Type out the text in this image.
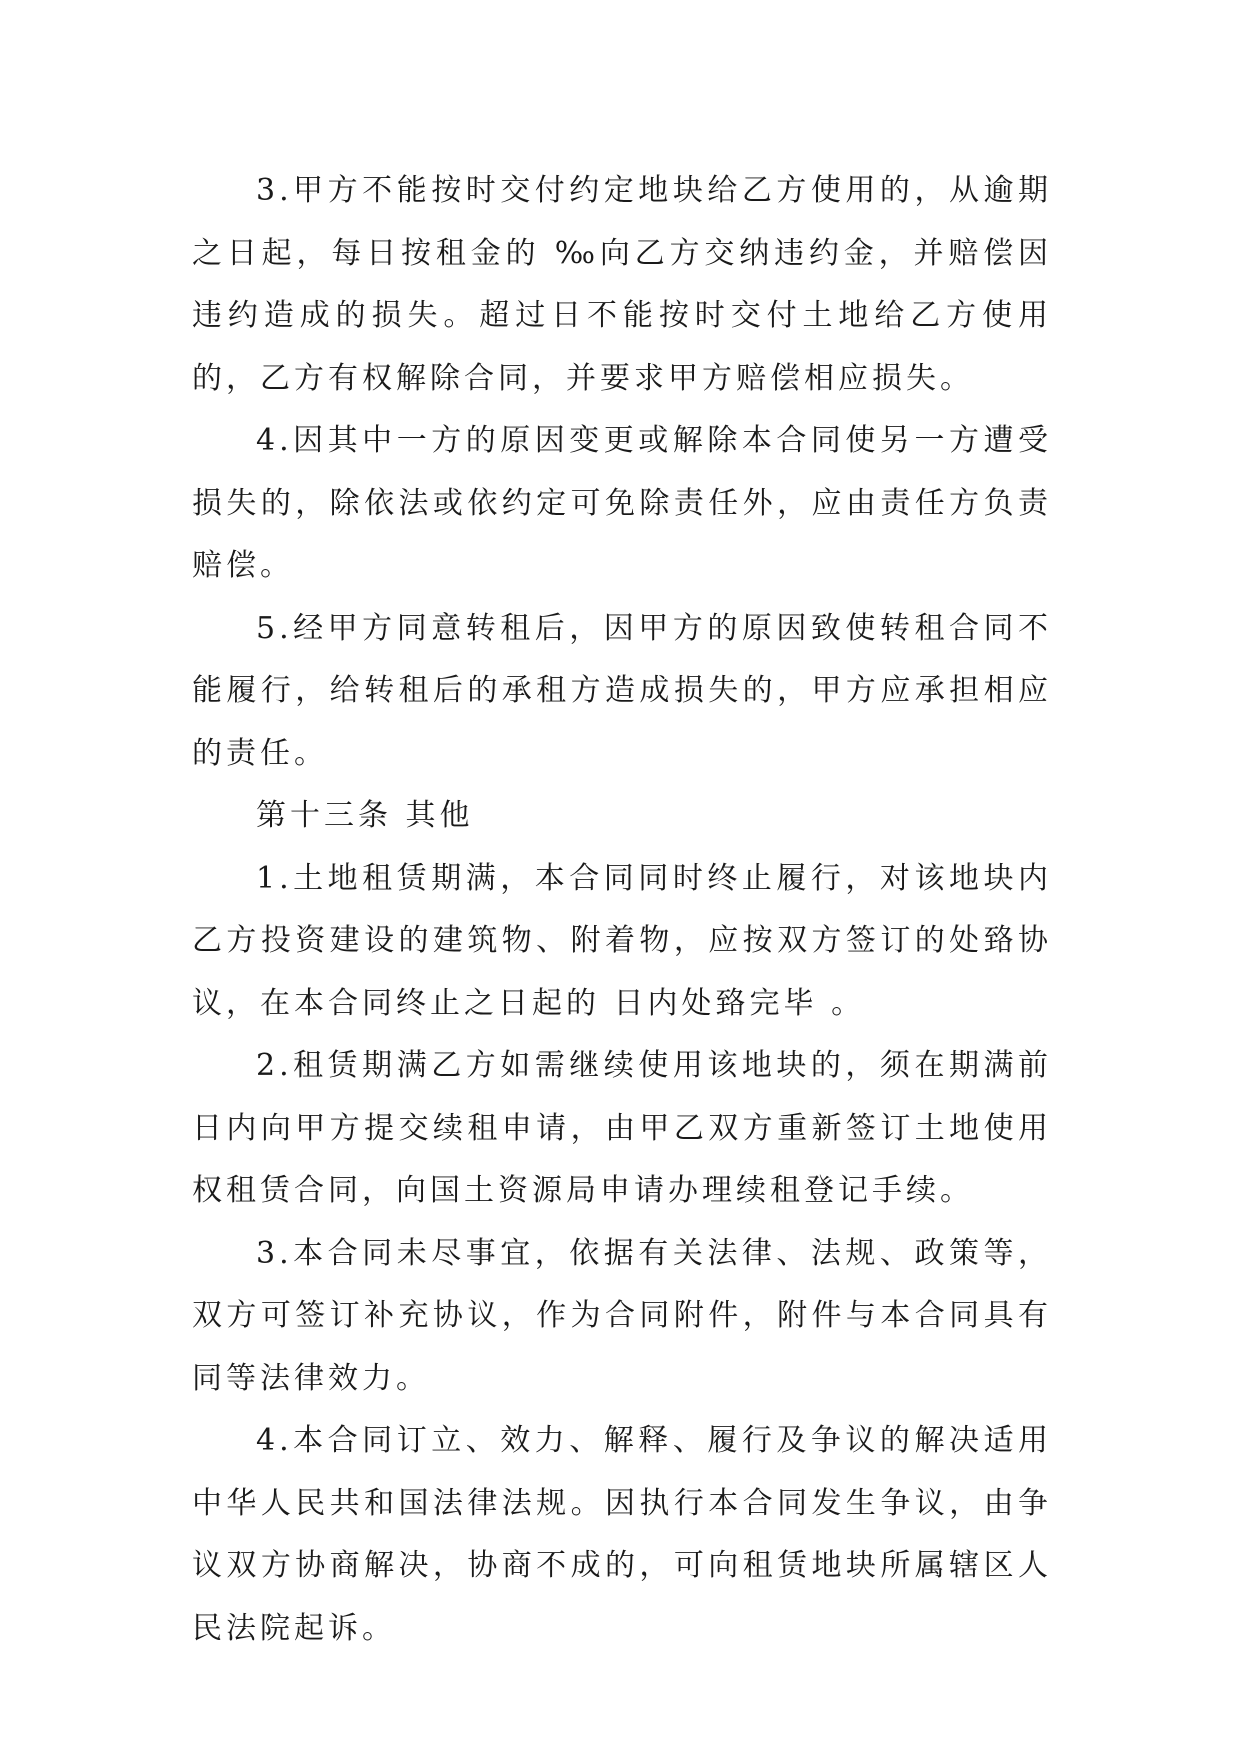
3.甲方不能按时交付约定地块给乙方使用的，从逾期之日起，每日按租金的 ‰向乙方交纳违约金，并赔偿因违约造成的损失。超过日不能按时交付土地给乙方使用的，乙方有权解除合同，并要求甲方赔偿相应损失。

4.因其中一方的原因变更或解除本合同使另一方遭受损失的，除依法或依约定可免除责任外，应由责任方负责赔偿。

5.经甲方同意转租后，因甲方的原因致使转租合同不能履行，给转租后的承租方造成损失的，甲方应承担相应的责任。

第十三条 其他

1.土地租赁期满，本合同同时终止履行，对该地块内乙方投资建设的建筑物、附着物，应按双方签订的处臵协议，在本合同终止之日起的 日内处臵完毕 。

2.租赁期满乙方如需继续使用该地块的，须在期满前日内向甲方提交续租申请，由甲乙双方重新签订土地使用权租赁合同，向国土资源局申请办理续租登记手续。

3.本合同未尽事宜，依据有关法律、法规、政策等，双方可签订补充协议，作为合同附件，附件与本合同具有同等法律效力。

4.本合同订立、效力、解释、履行及争议的解决适用中华人民共和国法律法规。因执行本合同发生争议，由争议双方协商解决，协商不成的，可向租赁地块所属辖区人民法院起诉。
